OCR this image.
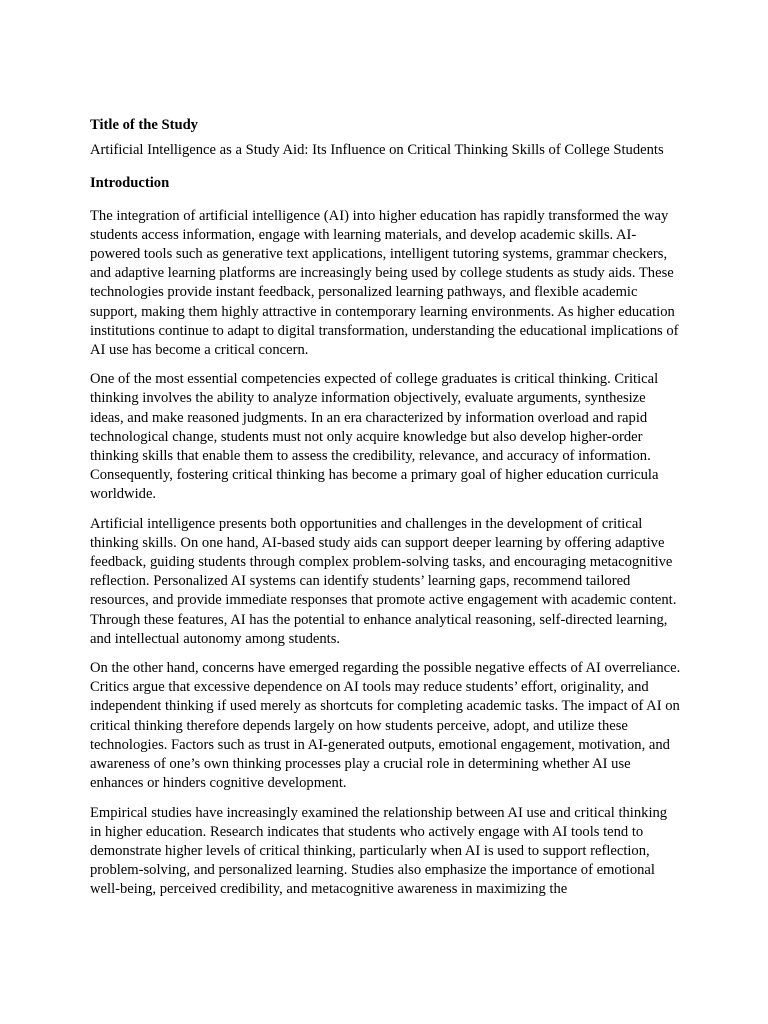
Title of the Study
Artificial Intelligence as a Study Aid: Its Influence on Critical Thinking Skills of College Students
Introduction

The integration of artificial intelligence (AI) into higher education has rapidly transformed the way students access information, engage with learning materials, and develop academic skills. AI-powered tools such as generative text applications, intelligent tutoring systems, grammar checkers, and adaptive learning platforms are increasingly being used by college students as study aids. These technologies provide instant feedback, personalized learning pathways, and flexible academic support, making them highly attractive in contemporary learning environments. As higher education institutions continue to adapt to digital transformation, understanding the educational implications of AI use has become a critical concern.

One of the most essential competencies expected of college graduates is critical thinking. Critical thinking involves the ability to analyze information objectively, evaluate arguments, synthesize ideas, and make reasoned judgments. In an era characterized by information overload and rapid technological change, students must not only acquire knowledge but also develop higher-order thinking skills that enable them to assess the credibility, relevance, and accuracy of information. Consequently, fostering critical thinking has become a primary goal of higher education curricula worldwide.

Artificial intelligence presents both opportunities and challenges in the development of critical thinking skills. On one hand, AI-based study aids can support deeper learning by offering adaptive feedback, guiding students through complex problem-solving tasks, and encouraging metacognitive reflection. Personalized AI systems can identify students’ learning gaps, recommend tailored resources, and provide immediate responses that promote active engagement with academic content. Through these features, AI has the potential to enhance analytical reasoning, self-directed learning, and intellectual autonomy among students.

On the other hand, concerns have emerged regarding the possible negative effects of AI overreliance. Critics argue that excessive dependence on AI tools may reduce students’ effort, originality, and independent thinking if used merely as shortcuts for completing academic tasks. The impact of AI on critical thinking therefore depends largely on how students perceive, adopt, and utilize these technologies. Factors such as trust in AI-generated outputs, emotional engagement, motivation, and awareness of one’s own thinking processes play a crucial role in determining whether AI use enhances or hinders cognitive development.

Empirical studies have increasingly examined the relationship between AI use and critical thinking in higher education. Research indicates that students who actively engage with AI tools tend to demonstrate higher levels of critical thinking, particularly when AI is used to support reflection, problem-solving, and personalized learning. Studies also emphasize the importance of emotional well-being, perceived credibility, and metacognitive awareness in maximizing the
